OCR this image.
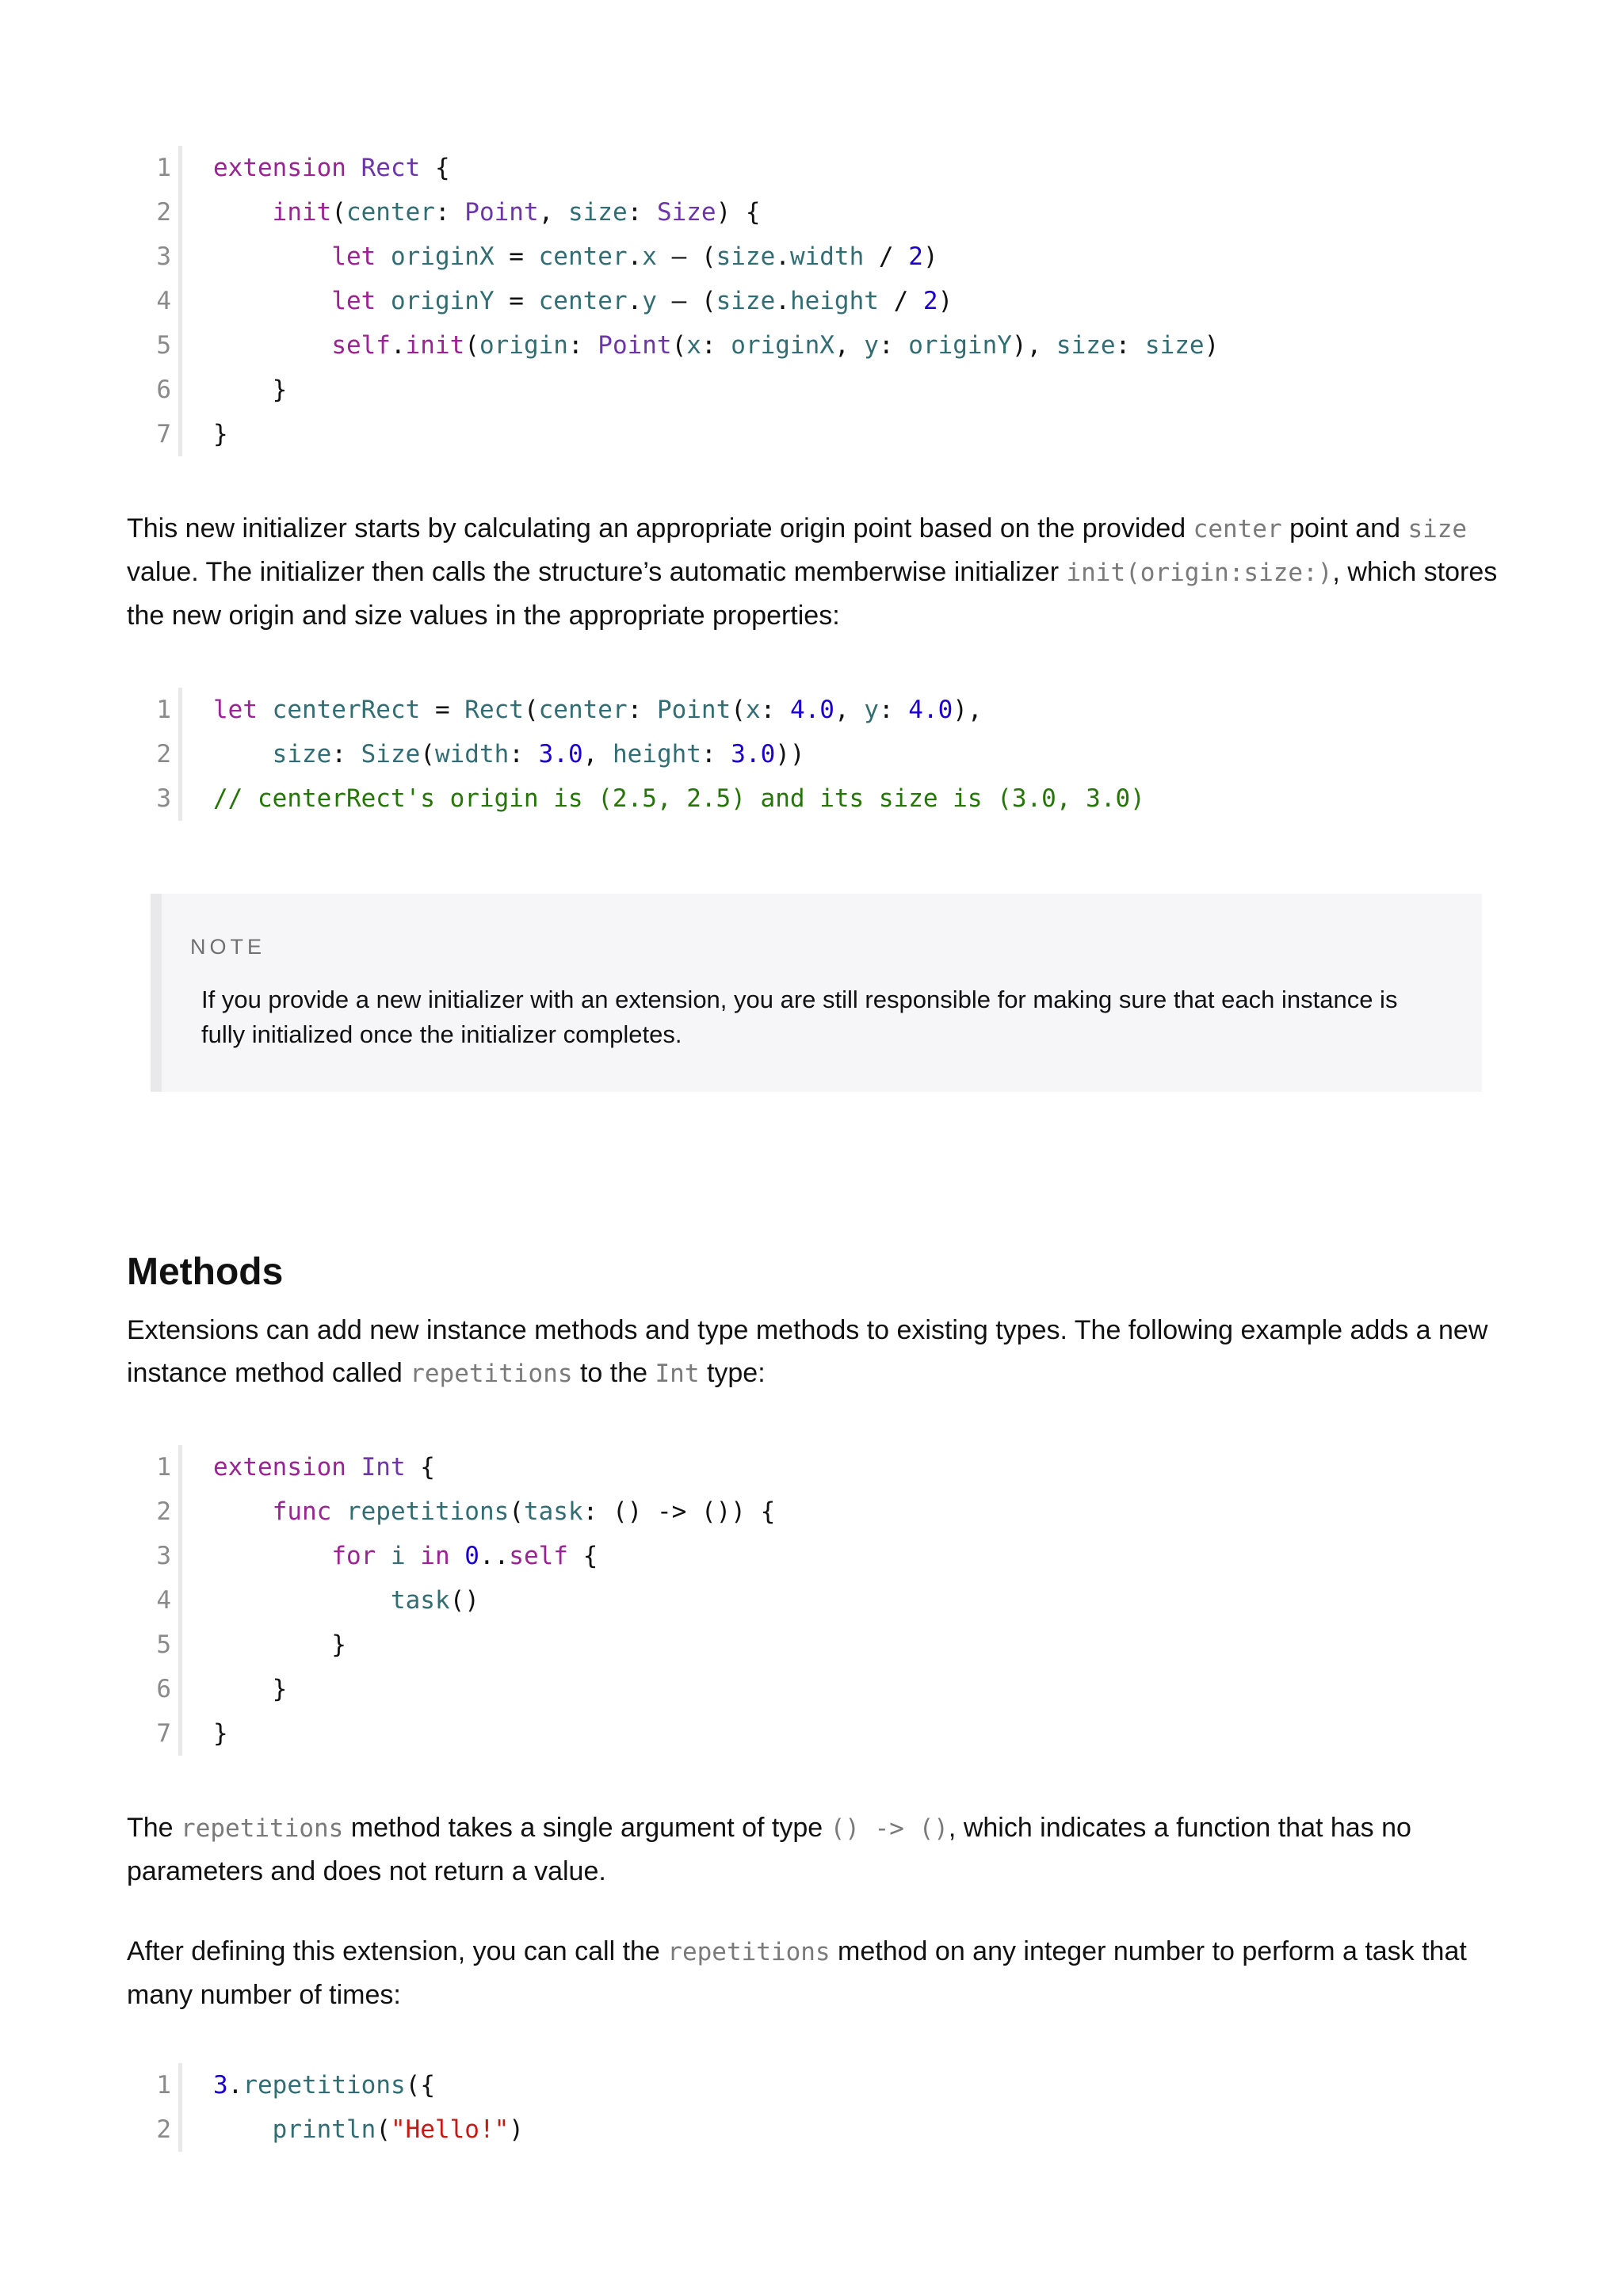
1 extension Rect {
2	init(center: Point, size: Size) {
3	let originX = center.x – (size.width / 2)
4	let originY = center.y – (size.height / 2)
5	self.init(origin: Point(x: originX, y: originY), size: size)
6 }
7 }

This new initializer starts by calculating an appropriate origin point based on the provided center point and size value. The initializer then calls the structure’s automatic memberwise initializer init(origin:size:), which stores the new origin and size values in the appropriate properties:

1 let centerRect = Rect(center: Point(x: 4.0, y: 4.0),
2	size: Size(width: 3.0, height: 3.0))
3 // centerRect's origin is (2.5, 2.5) and its size is (3.0, 3.0)
NOTE
If you provide a new initializer with an extension, you are still responsible for making sure that each instance is fully initialized once the initializer completes.
Methods

Extensions can add new instance methods and type methods to existing types. The following example adds a new instance method called repetitions to the Int type:

1 extension Int {
2	func repetitions(task: () -> ()) {
3	for i in 0..self {
4	task()
5 }
6 }
7 }

The repetitions method takes a single argument of type () -> (), which indicates a function that has no parameters and does not return a value.

After defining this extension, you can call the repetitions method on any integer number to perform a task that many number of times:

1 3.repetitions({
2	println("Hello!")
